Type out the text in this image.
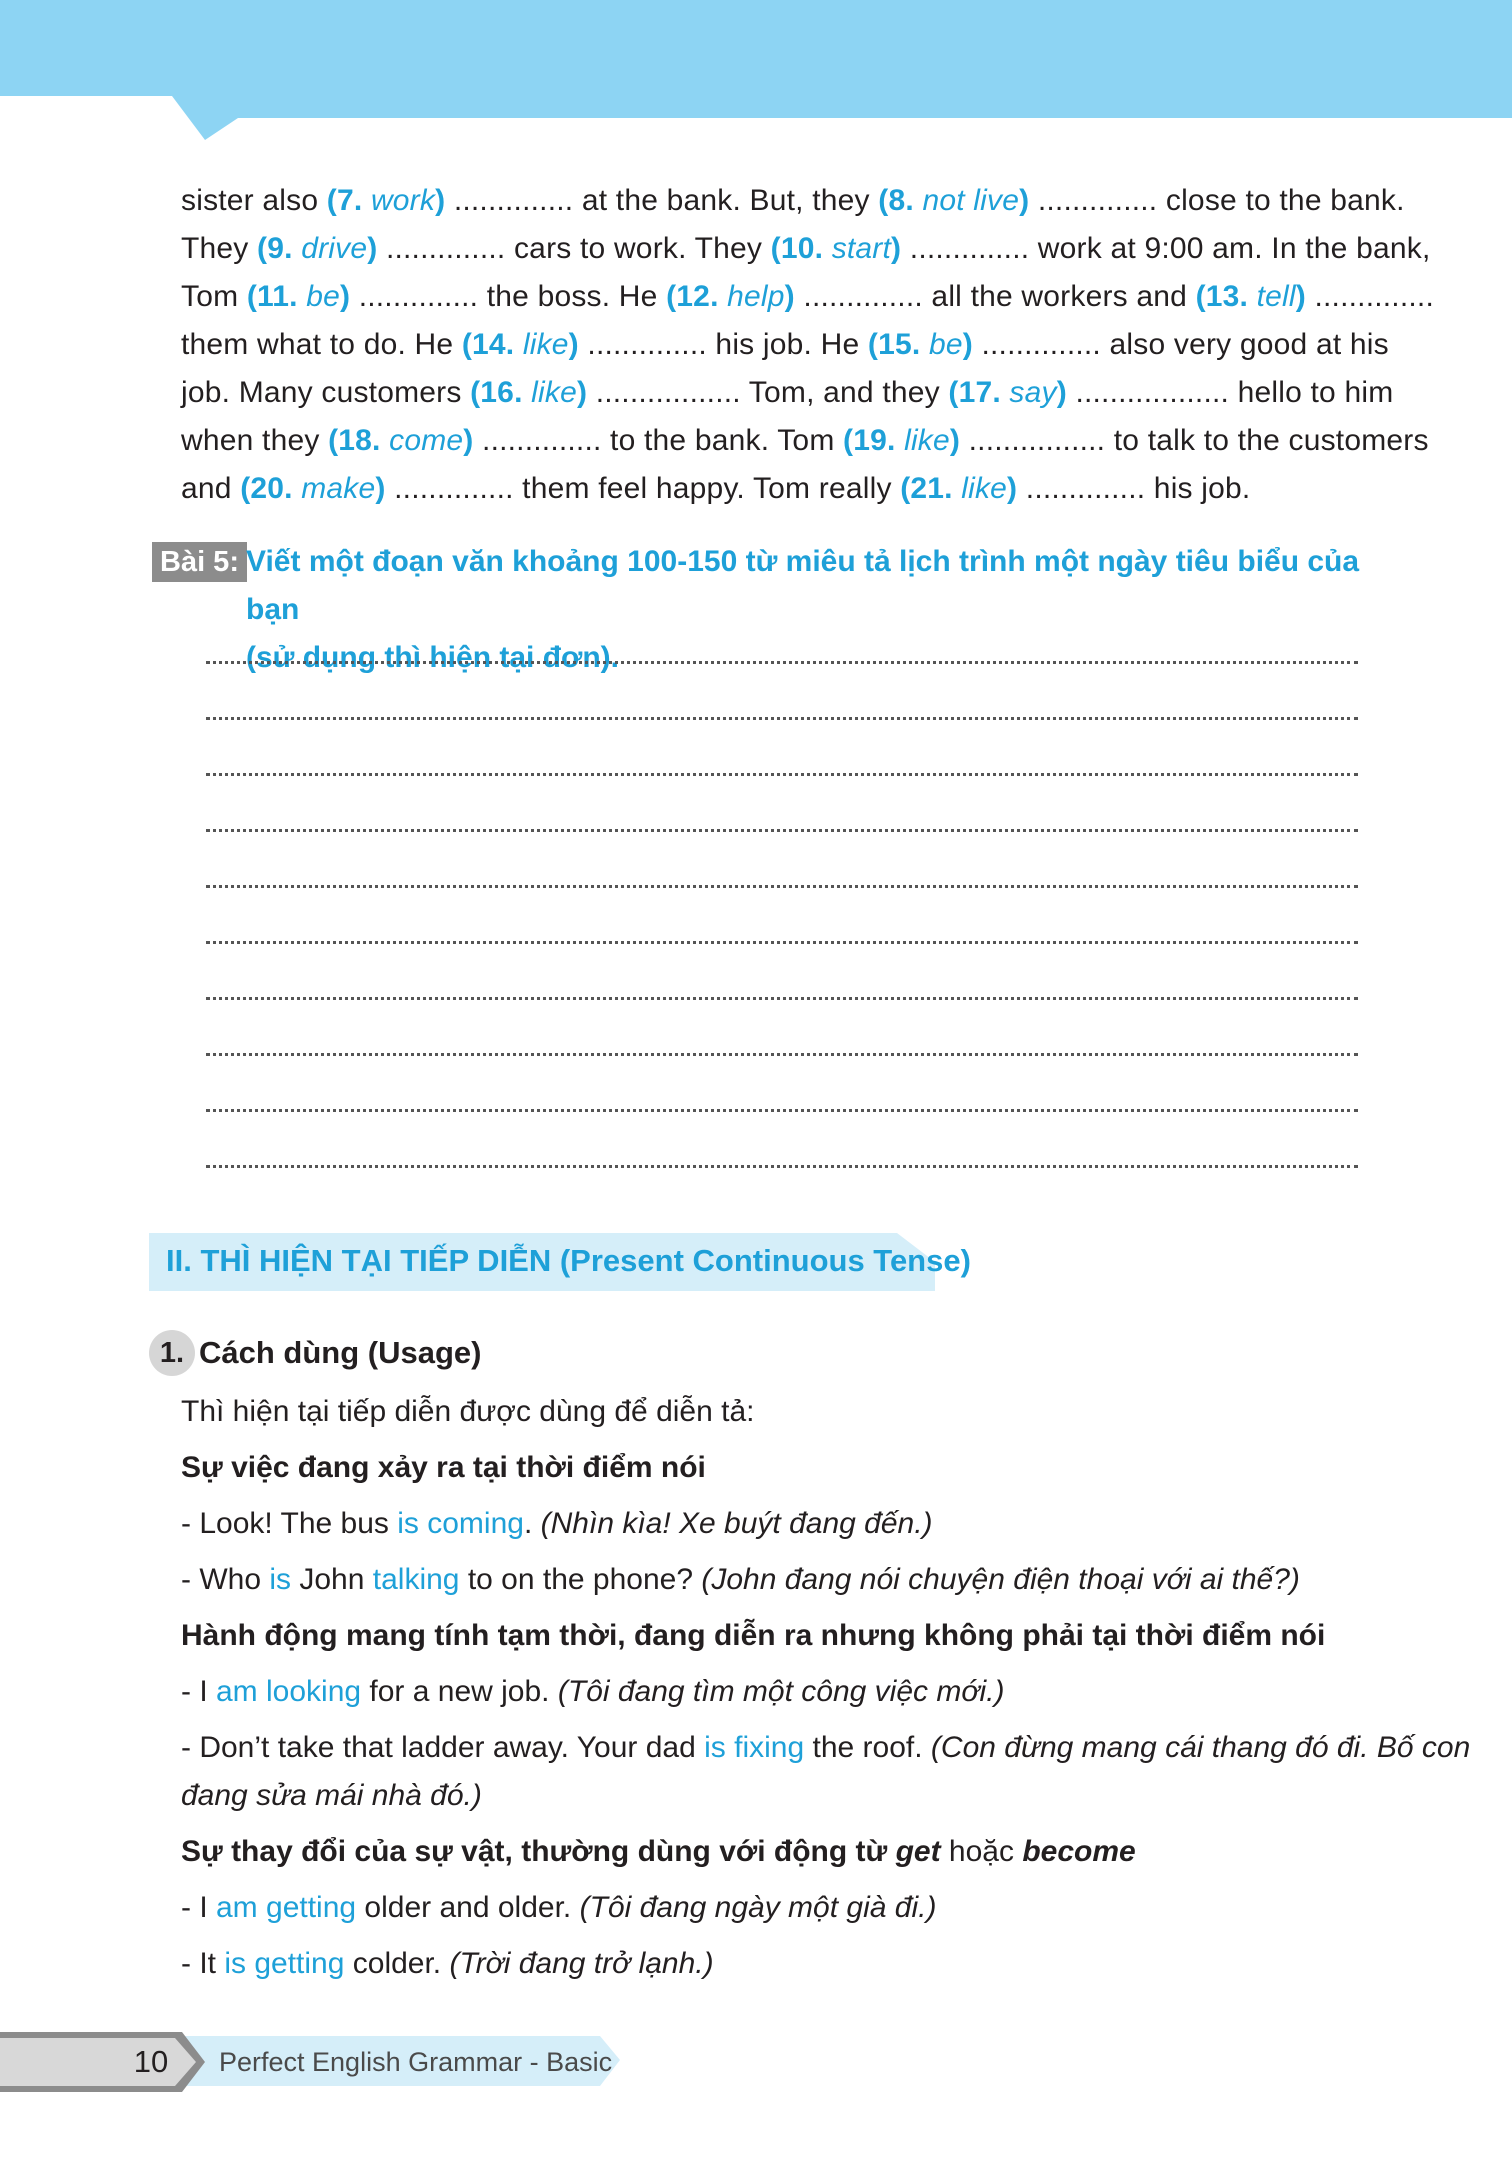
sister also (7. work) .............. at the bank. But, they (8. not live) .............. close to the bank.
They (9. drive) .............. cars to work. They (10. start) .............. work at 9:00 am. In the bank,
Tom (11. be) .............. the boss. He (12. help) .............. all the workers and (13. tell) ..............
them what to do. He (14. like) .............. his job. He (15. be) .............. also very good at his
job. Many customers (16. like) ................. Tom, and they (17. say) .................. hello to him
when they (18. come) .............. to the bank. Tom (19. like) ................ to talk to the customers
and (20. make) .............. them feel happy. Tom really (21. like) .............. his job.
Bài 5: Viết một đoạn văn khoảng 100-150 từ miêu tả lịch trình một ngày tiêu biểu của bạn
(sử dụng thì hiện tại đơn).
II. THÌ HIỆN TẠI TIẾP DIỄN (Present Continuous Tense)
1. Cách dùng (Usage)
Thì hiện tại tiếp diễn được dùng để diễn tả:
Sự việc đang xảy ra tại thời điểm nói
- Look! The bus is coming. (Nhìn kìa! Xe buýt đang đến.)
- Who is John talking to on the phone? (John đang nói chuyện điện thoại với ai thế?)
Hành động mang tính tạm thời, đang diễn ra nhưng không phải tại thời điểm nói
- I am looking for a new job. (Tôi đang tìm một công việc mới.)
- Don’t take that ladder away. Your dad is fixing the roof. (Con đừng mang cái thang đó đi. Bố con
đang sửa mái nhà đó.)
Sự thay đổi của sự vật, thường dùng với động từ get hoặc become
- I am getting older and older. (Tôi đang ngày một già đi.)
- It is getting colder. (Trời đang trở lạnh.)
10 Perfect English Grammar - Basic
